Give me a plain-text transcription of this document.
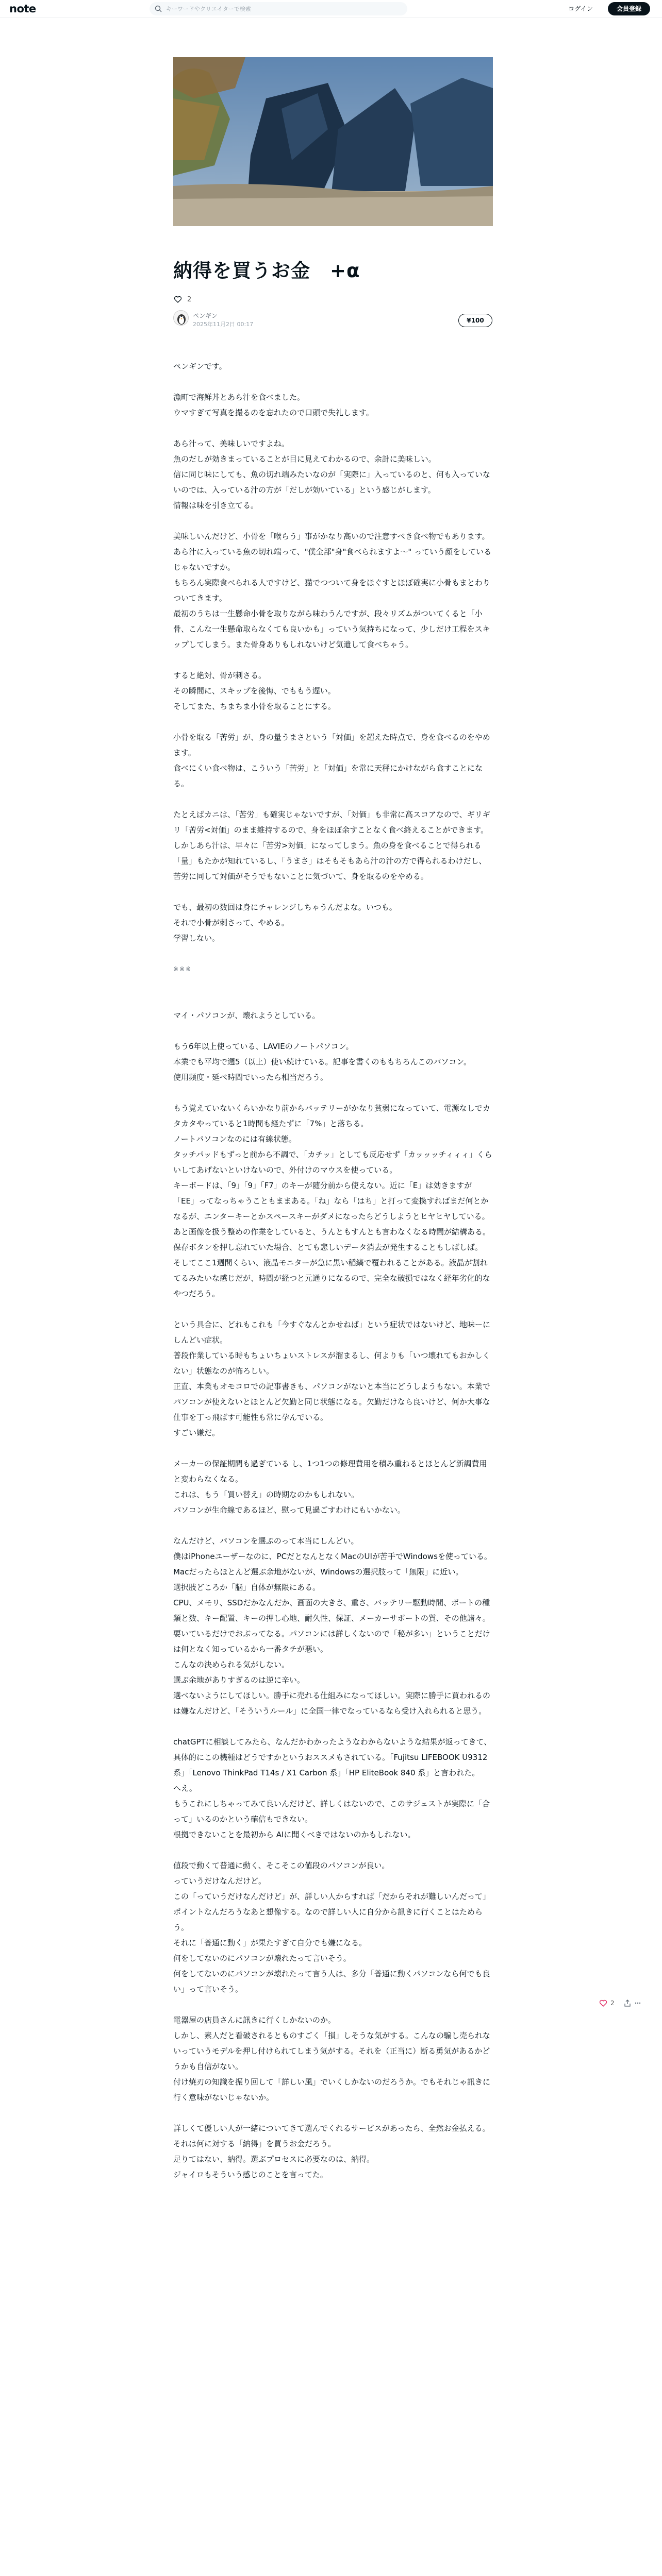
note
キーワードやクリエイターで検索	ログイン	会員登録
納得を買うお金　+α
2
ペンギン
2025年11月2日 00:17
¥100

ペンギンです。

漁町で海鮮丼とあら汁を食べました。
ウマすぎて写真を撮るのを忘れたので口頭で失礼します。

あら汁って、美味しいですよね。
魚のだしが効きまっていることが目に見えてわかるので、余計に美味しい。
信に同じ味にしても、魚の切れ端みたいなのが「実際に」入っているのと、何も入っていないのでは、入っている汁の方が「だしが効いている」という感じがします。
情報は味を引き立てる。

美味しいんだけど、小骨を「喉らう」事がかなり高いので注意すべき食べ物でもあります。
あら汁に入っている魚の切れ端って、"僕全部"身"食べられますよ〜" っていう顔をしているじゃないですか。
もちろん実際食べられる人ですけど、猫でつついて身をほぐすとほぼ確実に小骨もまとわりついてきます。
最初のうちは一生懸命小骨を取りながら味わうんですが、段々リズムがついてくると「小骨、こんな一生懸命取らなくても良いかも」っていう気持ちになって、少しだけ工程をスキップしてしまう。また骨身ありもしれないけど気遣して食べちゃう。

すると絶対、骨が刺さる。
その瞬間に、スキップを後悔、でももう遅い。
そしてまた、ちまちま小骨を取ることにする。

小骨を取る「苦労」が、身の量うまさという「対価」を超えた時点で、身を食べるのをやめます。
食べにくい食べ物は、こういう「苦労」と「対価」を常に天秤にかけながら食すことになる。

たとえばカニは、「苦労」も確実じゃないですが、「対価」も非常に高スコアなので、ギリギリ「苦労<対価」のまま維持するので、身をほぼ余すことなく食べ終えることができます。
しかしあら汁は、早々に「苦労>対価」になってしまう。魚の身を食べることで得られる「量」もたかが知れているし、「うまさ」はそもそもあら汁の汁の方で得られるわけだし、苦労に同して対価がそうでもないことに気づいて、身を取るのをやめる。

でも、最初の数回は身にチャレンジしちゃうんだよな。いつも。
それで小骨が刺さって、やめる。
学習しない。

※※※

マイ・パソコンが、壊れようとしている。

もう6年以上使っている、LAVIEのノートパソコン。
本業でも平均で週5（以上）使い続けている。記事を書くのももちろんこのパソコン。
使用頻度・延べ時間でいったら相当だろう。

もう覚えていないくらいかなり前からバッテリーがかなり貧弱になっていて、電源なしでカタカタやっていると1時間も経たずに「7%」と落ちる。
ノートパソコンなのには有線状態。
タッチパッドもずっと前から不調で、「カチッ」としても反応せず「カッッッチィィィ」くらいしてあげないといけないので、外付けのマウスを使っている。
キーボードは、「9」「9」「F7」のキーが随分前から使えない。近に「E」は効きますが「EE」ってなっちゃうこともままある。「ね」なら「はち」と打って変換すればまだ何とかなるが、エンターキーとかスペースキーがダメになったらどうしようとヒヤヒヤしている。
あと画像を扱う整めの作業をしていると、うんともすんとも言わなくなる時間が結構ある。保存ボタンを押し忘れていた場合、とても悲しいデータ消去が発生することもしばしば。
そしてここ1週間くらい、液晶モニターが急に黒い稲縞で覆われることがある。液晶が割れてるみたいな感じだが、時間が経つと元通りになるので、完全な破損ではなく経年劣化的なやつだろう。

という具合に、どれもこれも「今すぐなんとかせねば」という症状ではないけど、地味ーにしんどい症状。
普段作業している時もちょいちょいストレスが溜まるし、何よりも「いつ壊れてもおかしくない」状態なのが怖ろしい。
正直、本業もオモコロでの記事書きも、パソコンがないと本当にどうしようもない。本業でパソコンが使えないとほとんど欠勤と同じ状態になる。欠勤だけなら良いけど、何か大事な仕事を丁っ飛ばす可能性も常に孕んでいる。
すごい嫌だ。

メーカーの保証期間も過ぎている し、1つ1つの修理費用を積み重ねるとほとんど新調費用と変わらなくなる。
これは、もう「買い替え」の時期なのかもしれない。
パソコンが生命線であるほど、慰って見過ごすわけにもいかない。

なんだけど、パソコンを選ぶのって本当にしんどい。
僕はiPhoneユーザーなのに、PCだとなんとなくMacのUIが苦手でWindowsを使っている。
Macだったらほとんど選ぶ余地がないが、Windowsの選択肢って「無限」に近い。
選択肢どころか「脳」自体が無限にある。
CPU、メモリ、SSDだかなんだか、画面の大きさ、重さ、バッテリー駆動時間、ポートの種類と数、キー配置、キーの押し心地、耐久性、保証、メーカーサポートの質、その他諸々。
要いているだけでおぶってなる。パソコンには詳しくないので「秘が多い」ということだけは何となく知っているから一番タチが悪い。
こんなの決められる気がしない。
選ぶ余地がありすぎるのは逆に辛い。
選べないようにしてほしい。勝手に売れる仕組みになってほしい。実際に勝手に買われるのは嫌なんだけど、「そういうルール」に全国一律でなっているなら受け入れられると思う。

chatGPTに相談してみたら、なんだかわかったようなわからないような結果が返ってきて、具体的にこの機種はどうですかというおススメもされている。「Fujitsu LIFEBOOK U9312系」「Lenovo ThinkPad T14s / X1 Carbon 系」「HP EliteBook 840 系」と言われた。
へえ。
もうこれにしちゃってみて良いんだけど、詳しくはないので、このサジェストが実際に「合って」いるのかという確信もできない。
根拠できないことを最初から AIに聞くべきではないのかもしれない。

値段で動くて普通に動く、そこそこの値段のパソコンが良い。
っていうだけなんだけど。
この「っていうだけなんだけど」が、詳しい人からすれば「だからそれが難しいんだって」ポイントなんだろうなあと想像する。なので詳しい人に自分から訊きに行くことはためらう。
それに「普通に動く」が果たすぎて自分でも嫌になる。
何をしてないのにパソコンが壊れたって言いそう。
何をしてないのにパソコンが壊れたって言う人は、多分「普通に動くパソコンなら何でも良い」って言いそう。

電器屋の店員さんに訊きに行くしかないのか。
しかし、素人だと看破されるとものすごく「損」しそうな気がする。こんなの騙し売られないっていうモデルを押し付けられてしまう気がする。それを（正当に）断る勇気があるかどうかも自信がない。
付け焼刃の知識を振り回して「詳しい風」でいくしかないのだろうか。でもそれじゃ訊きに行く意味がないじゃないか。

詳しくて優しい人が一緒についてきて選んでくれるサービスがあったら、全然お金払える。
それは何に対する「納得」を買うお金だろう。
足りてはない、納得。選ぶプロセスに必要なのは、納得。
ジャイロもそういう感じのことを言ってた。

2
